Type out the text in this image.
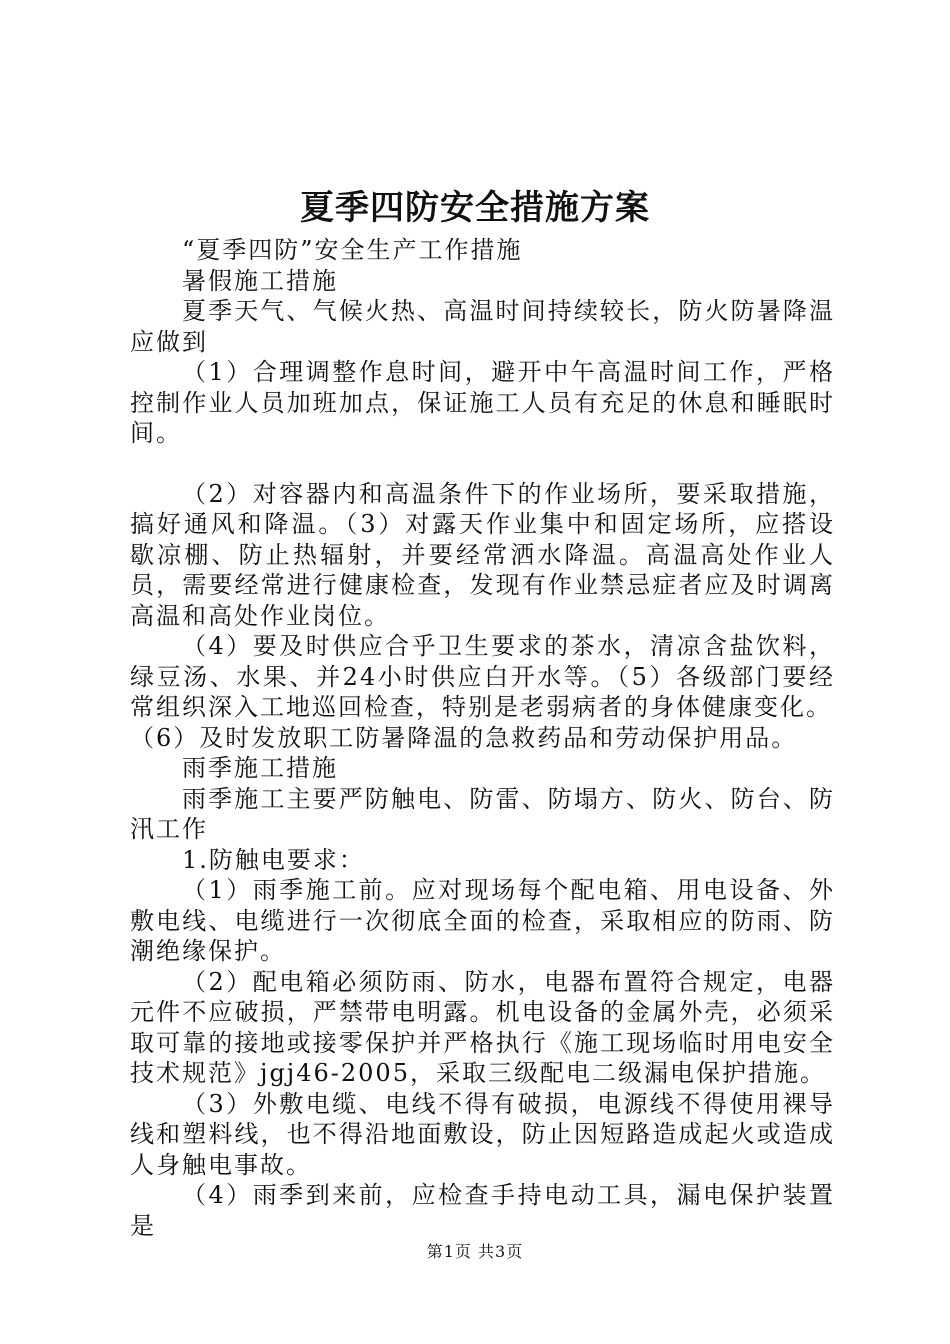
夏季四防安全措施方案

“夏季四防”安全生产工作措施

暑假施工措施

夏季天气、气候火热、高温时间持续较长，防火防暑降温应做到

（1）合理调整作息时间，避开中午高温时间工作，严格控制作业人员加班加点，保证施工人员有充足的休息和睡眠时间。

（2）对容器内和高温条件下的作业场所，要采取措施，搞好通风和降温。（3）对露天作业集中和固定场所，应搭设歇凉棚、防止热辐射，并要经常洒水降温。高温高处作业人员，需要经常进行健康检查，发现有作业禁忌症者应及时调离高温和高处作业岗位。

（4）要及时供应合乎卫生要求的茶水，清凉含盐饮料，绿豆汤、水果、并24小时供应白开水等。（5）各级部门要经常组织深入工地巡回检查，特别是老弱病者的身体健康变化。

（6）及时发放职工防暑降温的急救药品和劳动保护用品。

雨季施工措施

雨季施工主要严防触电、防雷、防塌方、防火、防台、防汛工作

1.防触电要求：

（1）雨季施工前。应对现场每个配电箱、用电设备、外敷电线、电缆进行一次彻底全面的检查，采取相应的防雨、防潮绝缘保护。

（2）配电箱必须防雨、防水，电器布置符合规定，电器元件不应破损，严禁带电明露。机电设备的金属外壳，必须采取可靠的接地或接零保护并严格执行《施工现场临时用电安全技术规范》jgj46-2005，采取三级配电二级漏电保护措施。

（3）外敷电缆、电线不得有破损，电源线不得使用裸导线和塑料线，也不得沿地面敷设，防止因短路造成起火或造成人身触电事故。

（4）雨季到来前，应检查手持电动工具，漏电保护装置是

第1页 共3页
